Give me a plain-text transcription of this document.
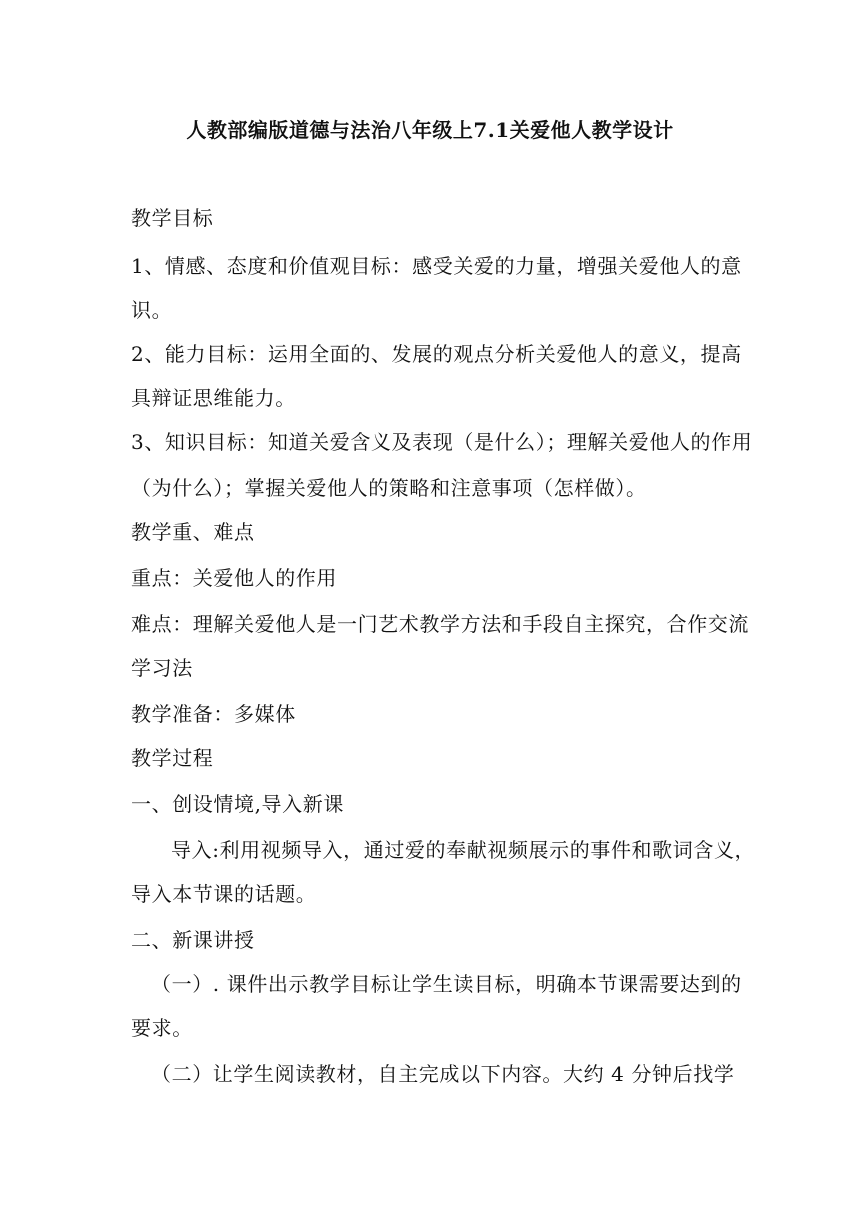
人教部编版道德与法治八年级上7.1关爱他人教学设计
教学目标
1、情感、态度和价值观目标：感受关爱的力量，增强关爱他人的意
识。
2、能力目标：运用全面的、发展的观点分析关爱他人的意义，提高
具辩证思维能力。
3、知识目标：知道关爱含义及表现（是什么）；理解关爱他人的作用
（为什么）；掌握关爱他人的策略和注意事项（怎样做）。
教学重、难点
重点：关爱他人的作用
难点：理解关爱他人是一门艺术教学方法和手段自主探究，合作交流
学习法
教学准备：多媒体
教学过程
一、创设情境,导入新课
导入:利用视频导入，通过爱的奉献视频展示的事件和歌词含义，
导入本节课的话题。
二、新课讲授
（一）. 课件出示教学目标让学生读目标，明确本节课需要达到的
要求。
（二）让学生阅读教材，自主完成以下内容。大约 4 分钟后找学
